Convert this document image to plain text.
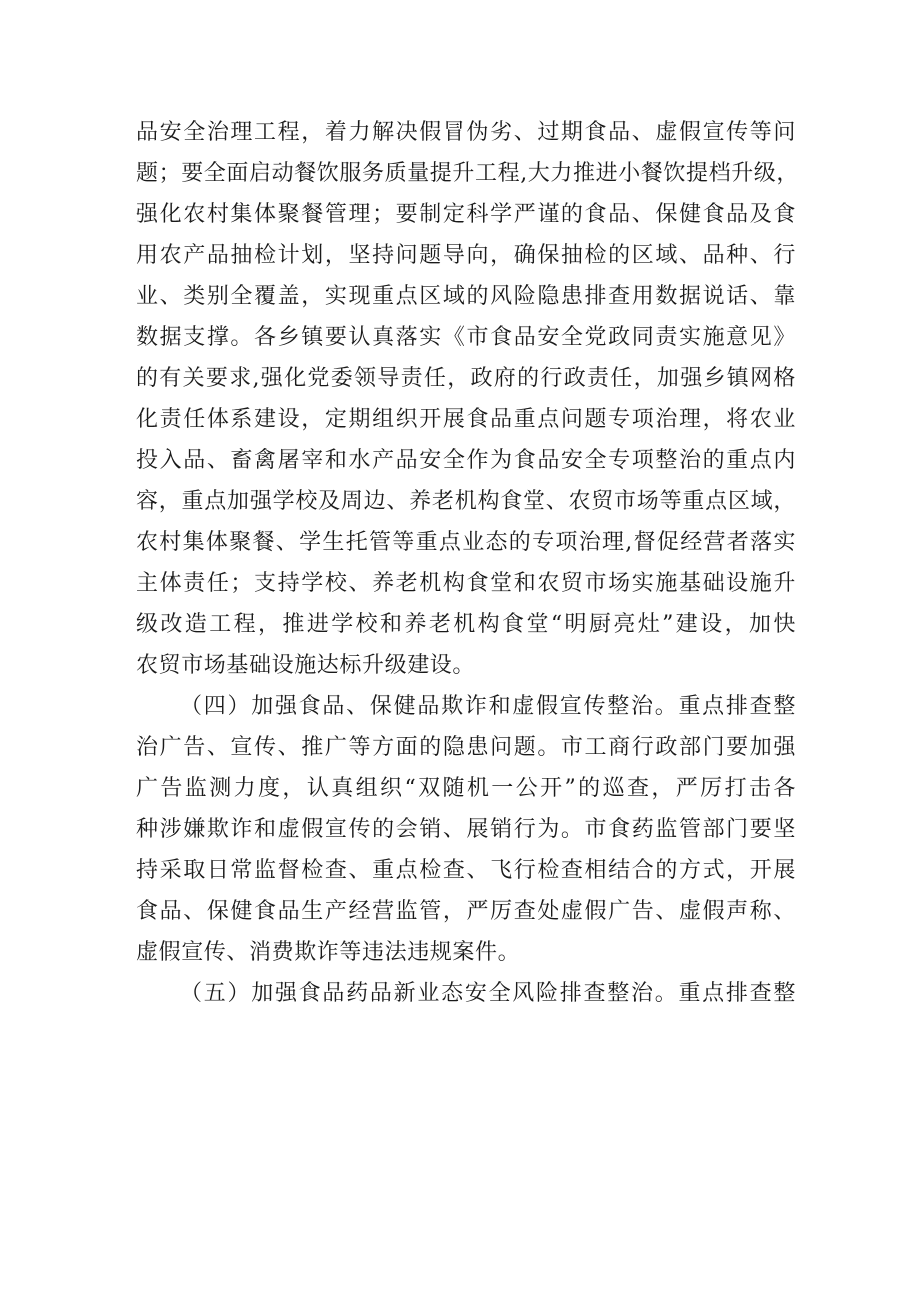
品安全治理工程，着力解决假冒伪劣、过期食品、虚假宣传等问
题；要全面启动餐饮服务质量提升工程,大力推进小餐饮提档升级，
强化农村集体聚餐管理；要制定科学严谨的食品、保健食品及食
用农产品抽检计划，坚持问题导向，确保抽检的区域、品种、行
业、类别全覆盖，实现重点区域的风险隐患排查用数据说话、靠
数据支撑。各乡镇要认真落实《市食品安全党政同责实施意见》
的有关要求,强化党委领导责任，政府的行政责任，加强乡镇网格
化责任体系建设，定期组织开展食品重点问题专项治理，将农业
投入品、畜禽屠宰和水产品安全作为食品安全专项整治的重点内
容，重点加强学校及周边、养老机构食堂、农贸市场等重点区域，
农村集体聚餐、学生托管等重点业态的专项治理,督促经营者落实
主体责任；支持学校、养老机构食堂和农贸市场实施基础设施升
级改造工程，推进学校和养老机构食堂“明厨亮灶”建设，加快
农贸市场基础设施达标升级建设。
（四）加强食品、保健品欺诈和虚假宣传整治。重点排查整
治广告、宣传、推广等方面的隐患问题。市工商行政部门要加强
广告监测力度，认真组织“双随机一公开”的巡查，严厉打击各
种涉嫌欺诈和虚假宣传的会销、展销行为。市食药监管部门要坚
持采取日常监督检查、重点检查、飞行检查相结合的方式，开展
食品、保健食品生产经营监管，严厉查处虚假广告、虚假声称、
虚假宣传、消费欺诈等违法违规案件。
（五）加强食品药品新业态安全风险排查整治。重点排查整
